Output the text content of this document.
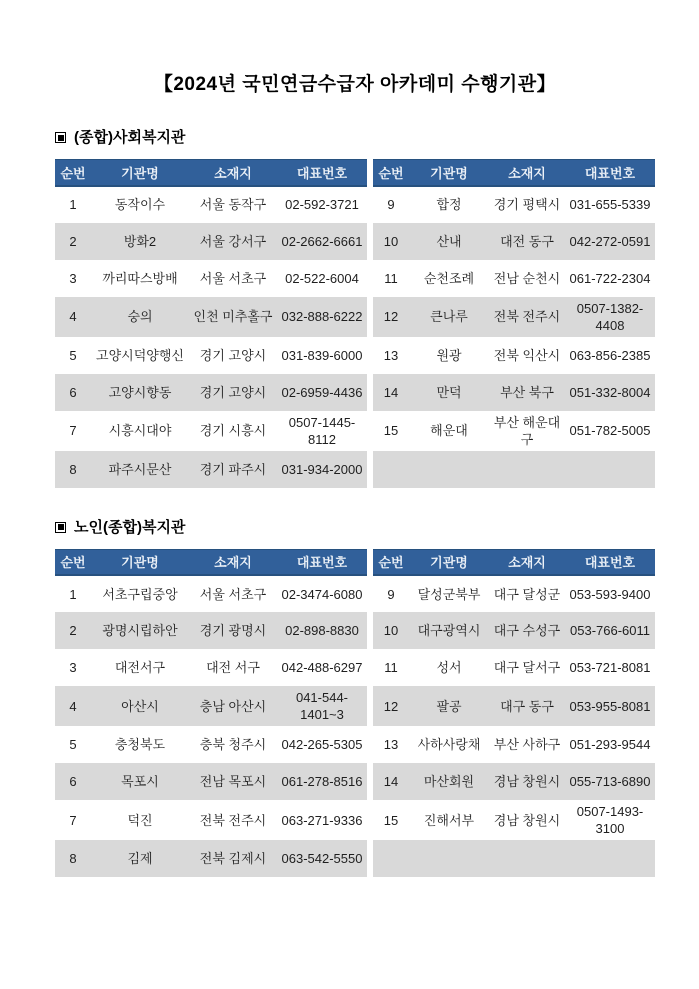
【2024년 국민연금수급자 아카데미 수행기관】
(종합)사회복지관
순번	기관명	소재지	대표번호		순번	기관명	소재지	대표번호
1	동작이수	서울 동작구	02-592-3721		9	합정	경기 평택시	031-655-5339
2	방화2	서울 강서구	02-2662-6661		10	산내	대전 동구	042-272-0591
3	까리따스방배	서울 서초구	02-522-6004		11	순천조례	전남 순천시	061-722-2304
4	숭의	인천 미추홀구	032-888-6222		12	큰나루	전북 전주시	0507-1382-4408
5	고양시덕양행신	경기 고양시	031-839-6000		13	원광	전북 익산시	063-856-2385
6	고양시향동	경기 고양시	02-6959-4436		14	만덕	부산 북구	051-332-8004
7	시흥시대야	경기 시흥시	0507-1445-8112		15	해운대	부산 해운대구	051-782-5005
8	파주시문산	경기 파주시	031-934-2000					
노인(종합)복지관
순번	기관명	소재지	대표번호		순번	기관명	소재지	대표번호
1	서초구립중앙	서울 서초구	02-3474-6080		9	달성군북부	대구 달성군	053-593-9400
2	광명시립하안	경기 광명시	02-898-8830		10	대구광역시	대구 수성구	053-766-6011
3	대전서구	대전 서구	042-488-6297		11	성서	대구 달서구	053-721-8081
4	아산시	충남 아산시	041-544-1401~3		12	팔공	대구 동구	053-955-8081
5	충청북도	충북 청주시	042-265-5305		13	사하사랑채	부산 사하구	051-293-9544
6	목포시	전남 목포시	061-278-8516		14	마산회원	경남 창원시	055-713-6890
7	덕진	전북 전주시	063-271-9336		15	진해서부	경남 창원시	0507-1493-3100
8	김제	전북 김제시	063-542-5550					
